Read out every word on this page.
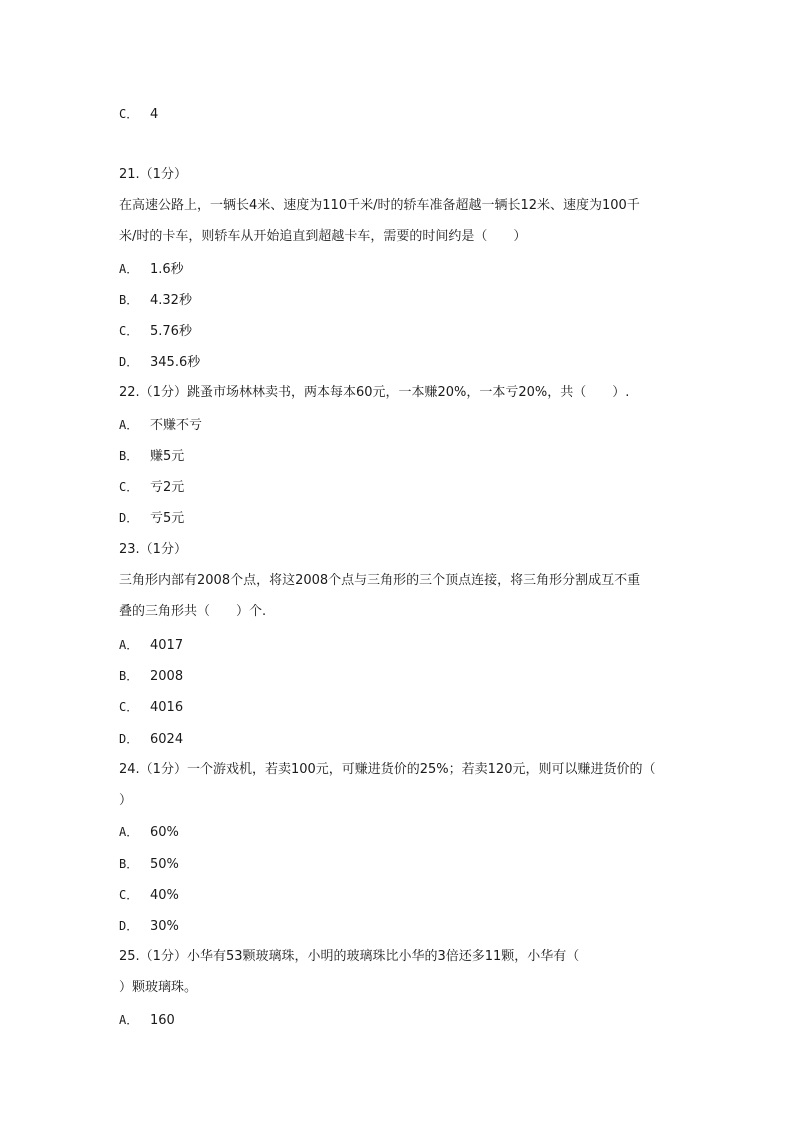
C． 4
21.（1分）
在高速公路上，一辆长4米、速度为110千米/时的轿车准备超越一辆长12米、速度为100千
米/时的卡车，则轿车从开始追直到超越卡车，需要的时间约是（　　）
A． 1.6秒
B． 4.32秒
C． 5.76秒
D． 345.6秒
22.（1分）跳蚤市场林林卖书，两本每本60元，一本赚20%，一本亏20%，共（　　）.
A． 不赚不亏
B． 赚5元
C． 亏2元
D． 亏5元
23.（1分）
三角形内部有2008个点，将这2008个点与三角形的三个顶点连接，将三角形分割成互不重
叠的三角形共（　　）个.
A． 4017
B． 2008
C． 4016
D． 6024
24.（1分）一个游戏机，若卖100元，可赚进货价的25%；若卖120元，则可以赚进货价的（
）
A． 60%
B． 50%
C． 40%
D． 30%
25.（1分）小华有53颗玻璃珠，小明的玻璃珠比小华的3倍还多11颗，小华有（
）颗玻璃珠。
A． 160
